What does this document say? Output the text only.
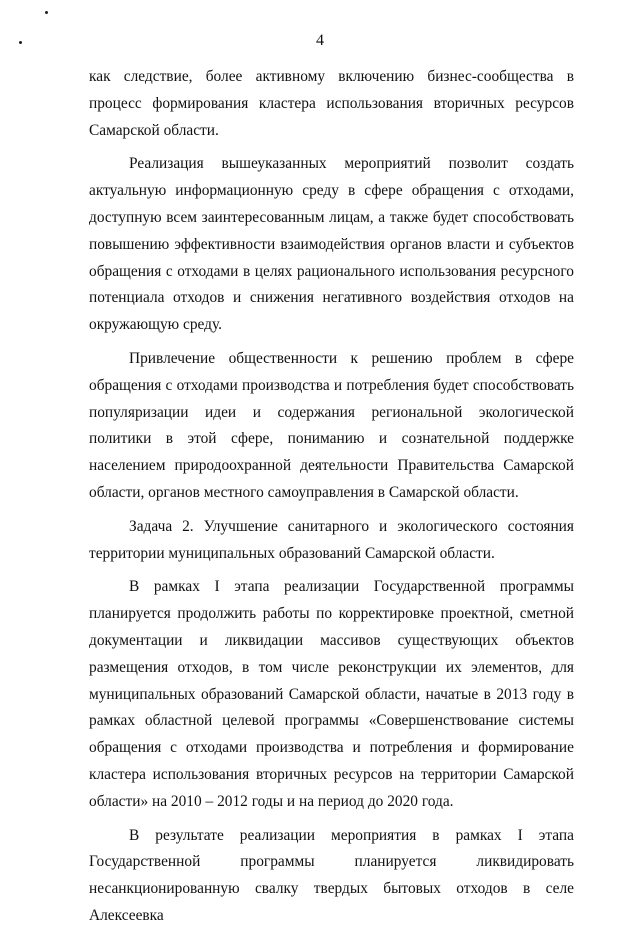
4

как следствие, более активному включению бизнес-сообщества в процесс формирования кластера использования вторичных ресурсов Самарской области.

Реализация вышеуказанных мероприятий позволит создать актуальную информационную среду в сфере обращения с отходами, доступную всем заинтересованным лицам, а также будет способствовать повышению эффективности взаимодействия органов власти и субъектов обращения с отходами в целях рационального использования ресурсного потенциала отходов и снижения негативного воздействия отходов на окружающую среду.

Привлечение общественности к решению проблем в сфере обращения с отходами производства и потребления будет способствовать популяризации идеи и содержания региональной экологической политики в этой сфере, пониманию и сознательной поддержке населением природоохранной деятельности Правительства Самарской области, органов местного самоуправления в Самарской области.

Задача 2. Улучшение санитарного и экологического состояния территории муниципальных образований Самарской области.

В рамках I этапа реализации Государственной программы планируется продолжить работы по корректировке проектной, сметной документации и ликвидации массивов существующих объектов размещения отходов, в том числе реконструкции их элементов, для муниципальных образований Самарской области, начатые в 2013 году в рамках областной целевой программы «Совершенствование системы обращения с отходами производства и потребления и формирование кластера использования вторичных ресурсов на территории Самарской области» на 2010 – 2012 годы и на период до 2020 года.

В результате реализации мероприятия в рамках I этапа Государственной программы планируется ликвидировать несанкционированную свалку твердых бытовых отходов в селе Алексеевка
